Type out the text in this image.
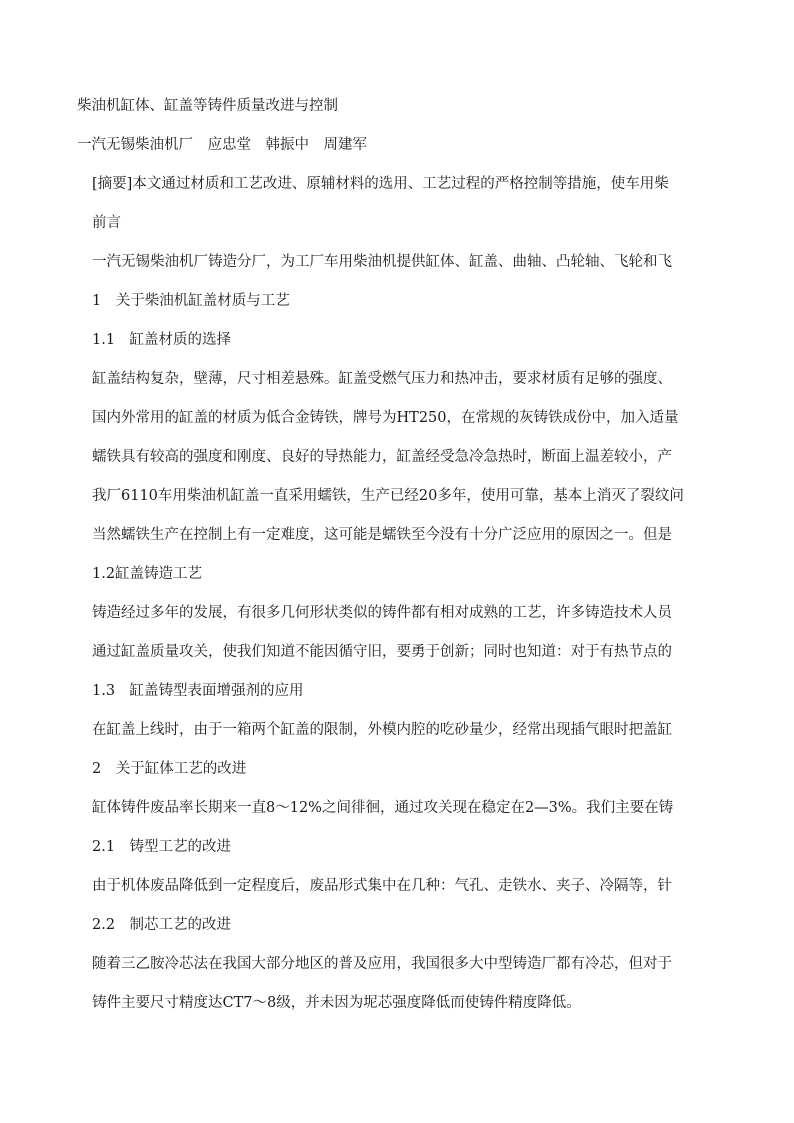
柴油机缸体、缸盖等铸件质量改进与控制
一汽无锡柴油机厂　应忠堂　韩振中　周建军
[摘要]本文通过材质和工艺改进、原辅材料的选用、工艺过程的严格控制等措施，使车用柴
前言
一汽无锡柴油机厂铸造分厂，为工厂车用柴油机提供缸体、缸盖、曲轴、凸轮轴、飞轮和飞
1　关于柴油机缸盖材质与工艺
1.1　缸盖材质的选择
缸盖结构复杂，壁薄，尺寸相差悬殊。缸盖受燃气压力和热冲击，要求材质有足够的强度、
国内外常用的缸盖的材质为低合金铸铁，牌号为HT250，在常规的灰铸铁成份中，加入适量
蠕铁具有较高的强度和刚度、良好的导热能力，缸盖经受急冷急热时，断面上温差较小，产
我厂6110车用柴油机缸盖一直采用蠕铁，生产已经20多年，使用可靠，基本上消灭了裂纹问
当然蠕铁生产在控制上有一定难度，这可能是蠕铁至今没有十分广泛应用的原因之一。但是
1.2缸盖铸造工艺
铸造经过多年的发展，有很多几何形状类似的铸件都有相对成熟的工艺，许多铸造技术人员
通过缸盖质量攻关，使我们知道不能因循守旧，要勇于创新；同时也知道：对于有热节点的
1.3　缸盖铸型表面增强剂的应用
在缸盖上线时，由于一箱两个缸盖的限制，外模内腔的吃砂量少，经常出现插气眼时把盖缸
2　关于缸体工艺的改进
缸体铸件废品率长期来一直8～12%之间徘徊，通过攻关现在稳定在2—3%。我们主要在铸
2.1　铸型工艺的改进
由于机体废品降低到一定程度后，废品形式集中在几种：气孔、走铁水、夹子、冷隔等，针
2.2　制芯工艺的改进
随着三乙胺冷芯法在我国大部分地区的普及应用，我国很多大中型铸造厂都有冷芯，但对于
铸件主要尺寸精度达CT7～8级，并未因为坭芯强度降低而使铸件精度降低。
